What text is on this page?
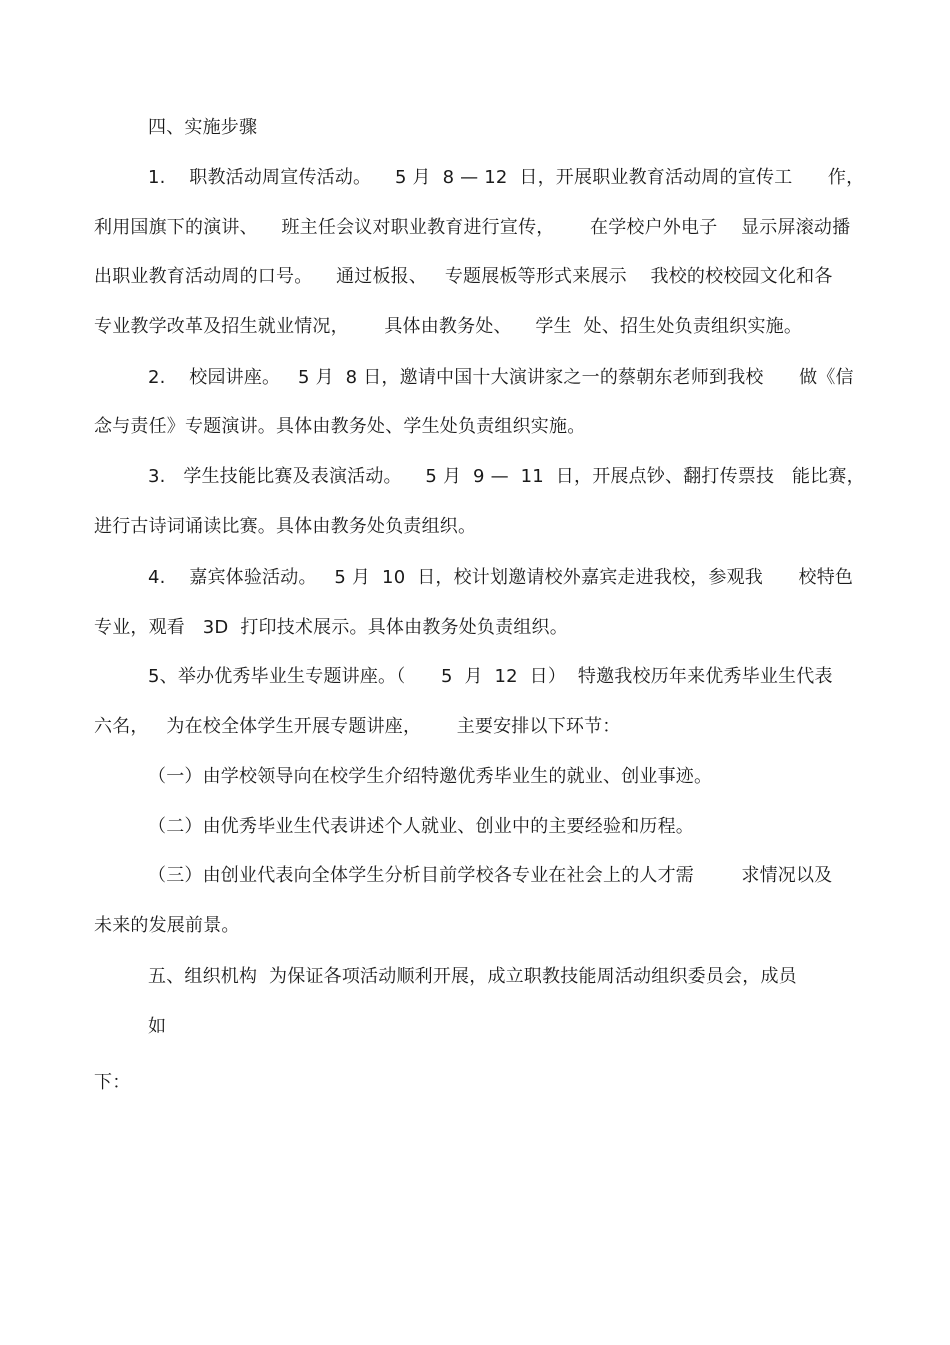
四、实施步骤
1.    职教活动周宣传活动。    5 月  8 — 12  日，开展职业教育活动周的宣传工      作，
利用国旗下的演讲、    班主任会议对职业教育进行宣传，      在学校户外电子    显示屏滚动播
出职业教育活动周的口号。    通过板报、   专题展板等形式来展示    我校的校校园文化和各
专业教学改革及招生就业情况，      具体由教务处、    学生  处、招生处负责组织实施。
2.    校园讲座。   5 月  8 日，邀请中国十大演讲家之一的蔡朝东老师到我校      做《信
念与责任》专题演讲。具体由教务处、学生处负责组织实施。
3.   学生技能比赛及表演活动。    5 月  9 —  11  日，开展点钞、翻打传票技   能比赛，
进行古诗词诵读比赛。具体由教务处负责组织。
4.    嘉宾体验活动。   5 月  10  日，校计划邀请校外嘉宾走进我校，参观我      校特色
专业，观看   3D  打印技术展示。具体由教务处负责组织。
5、举办优秀毕业生专题讲座。（      5  月  12  日）  特邀我校历年来优秀毕业生代表
六名，   为在校全体学生开展专题讲座，      主要安排以下环节：
（一）由学校领导向在校学生介绍特邀优秀毕业生的就业、创业事迹。
（二）由优秀毕业生代表讲述个人就业、创业中的主要经验和历程。
（三）由创业代表向全体学生分析目前学校各专业在社会上的人才需        求情况以及
未来的发展前景。
五、组织机构  为保证各项活动顺利开展，成立职教技能周活动组织委员会，成员
如
下：
